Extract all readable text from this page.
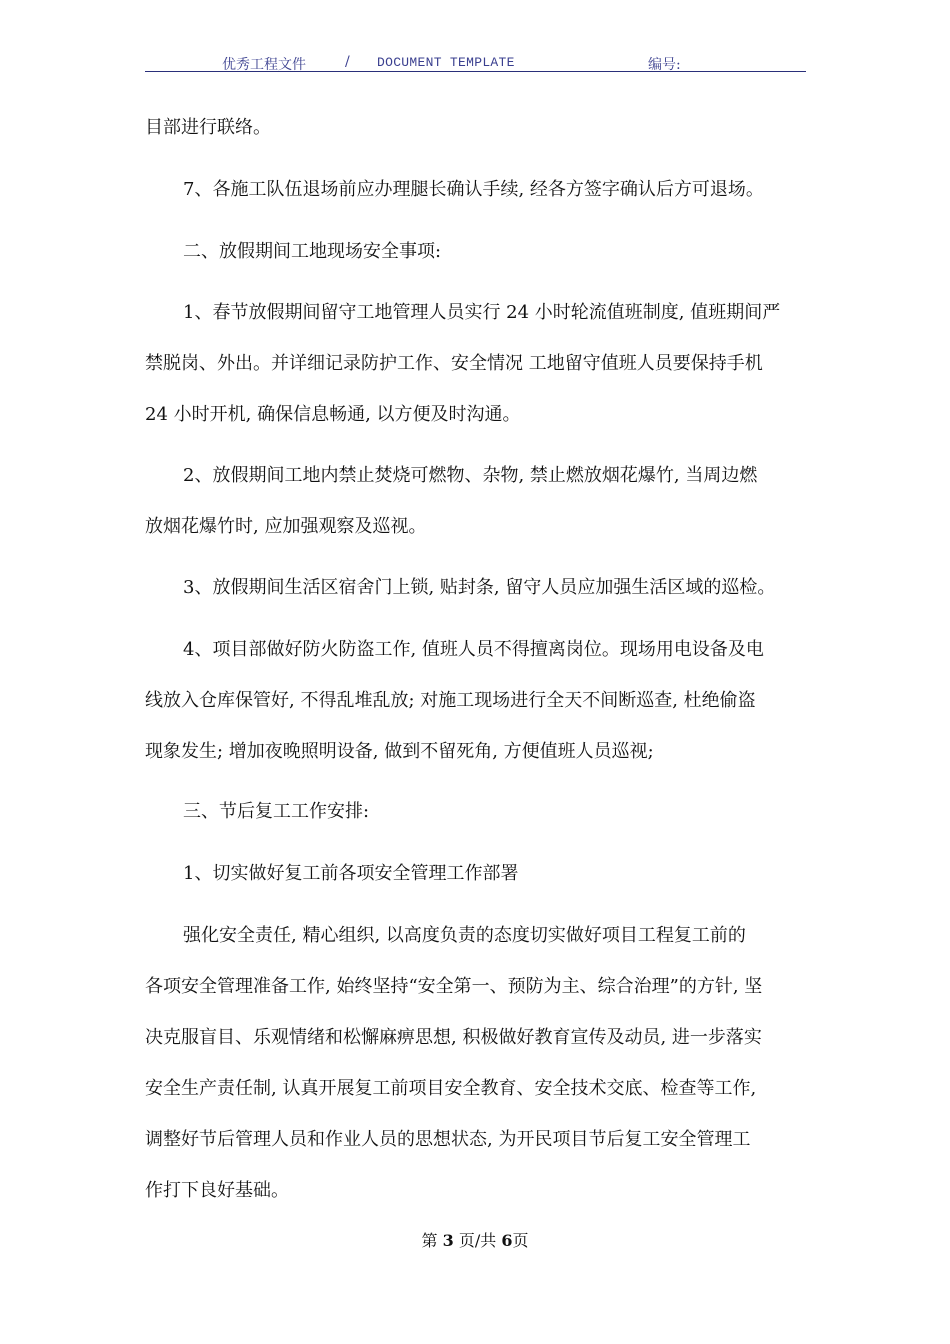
优秀工程文件	/ DOCUMENT TEMPLATE	编号:
目部进行联络。
7、各施工队伍退场前应办理腿长确认手续, 经各方签字确认后方可退场。
二、放假期间工地现场安全事项:
1、春节放假期间留守工地管理人员实行 24 小时轮流值班制度, 值班期间严
禁脱岗、外出。并详细记录防护工作、安全情况 工地留守值班人员要保持手机
24 小时开机, 确保信息畅通, 以方便及时沟通。
2、放假期间工地内禁止焚烧可燃物、杂物, 禁止燃放烟花爆竹, 当周边燃
放烟花爆竹时, 应加强观察及巡视。
3、放假期间生活区宿舍门上锁, 贴封条, 留守人员应加强生活区域的巡检。
4、项目部做好防火防盗工作, 值班人员不得擅离岗位。现场用电设备及电
线放入仓库保管好, 不得乱堆乱放; 对施工现场进行全天不间断巡查, 杜绝偷盗
现象发生; 增加夜晚照明设备, 做到不留死角, 方便值班人员巡视;
三、节后复工工作安排:
1、切实做好复工前各项安全管理工作部署
强化安全责任, 精心组织, 以高度负责的态度切实做好项目工程复工前的
各项安全管理准备工作, 始终坚持“安全第一、预防为主、综合治理”的方针, 坚
决克服盲目、乐观情绪和松懈麻痹思想, 积极做好教育宣传及动员, 进一步落实
安全生产责任制, 认真开展复工前项目安全教育、安全技术交底、检查等工作,
调整好节后管理人员和作业人员的思想状态, 为开民项目节后复工安全管理工
作打下良好基础。
第 3 页/共 6页
